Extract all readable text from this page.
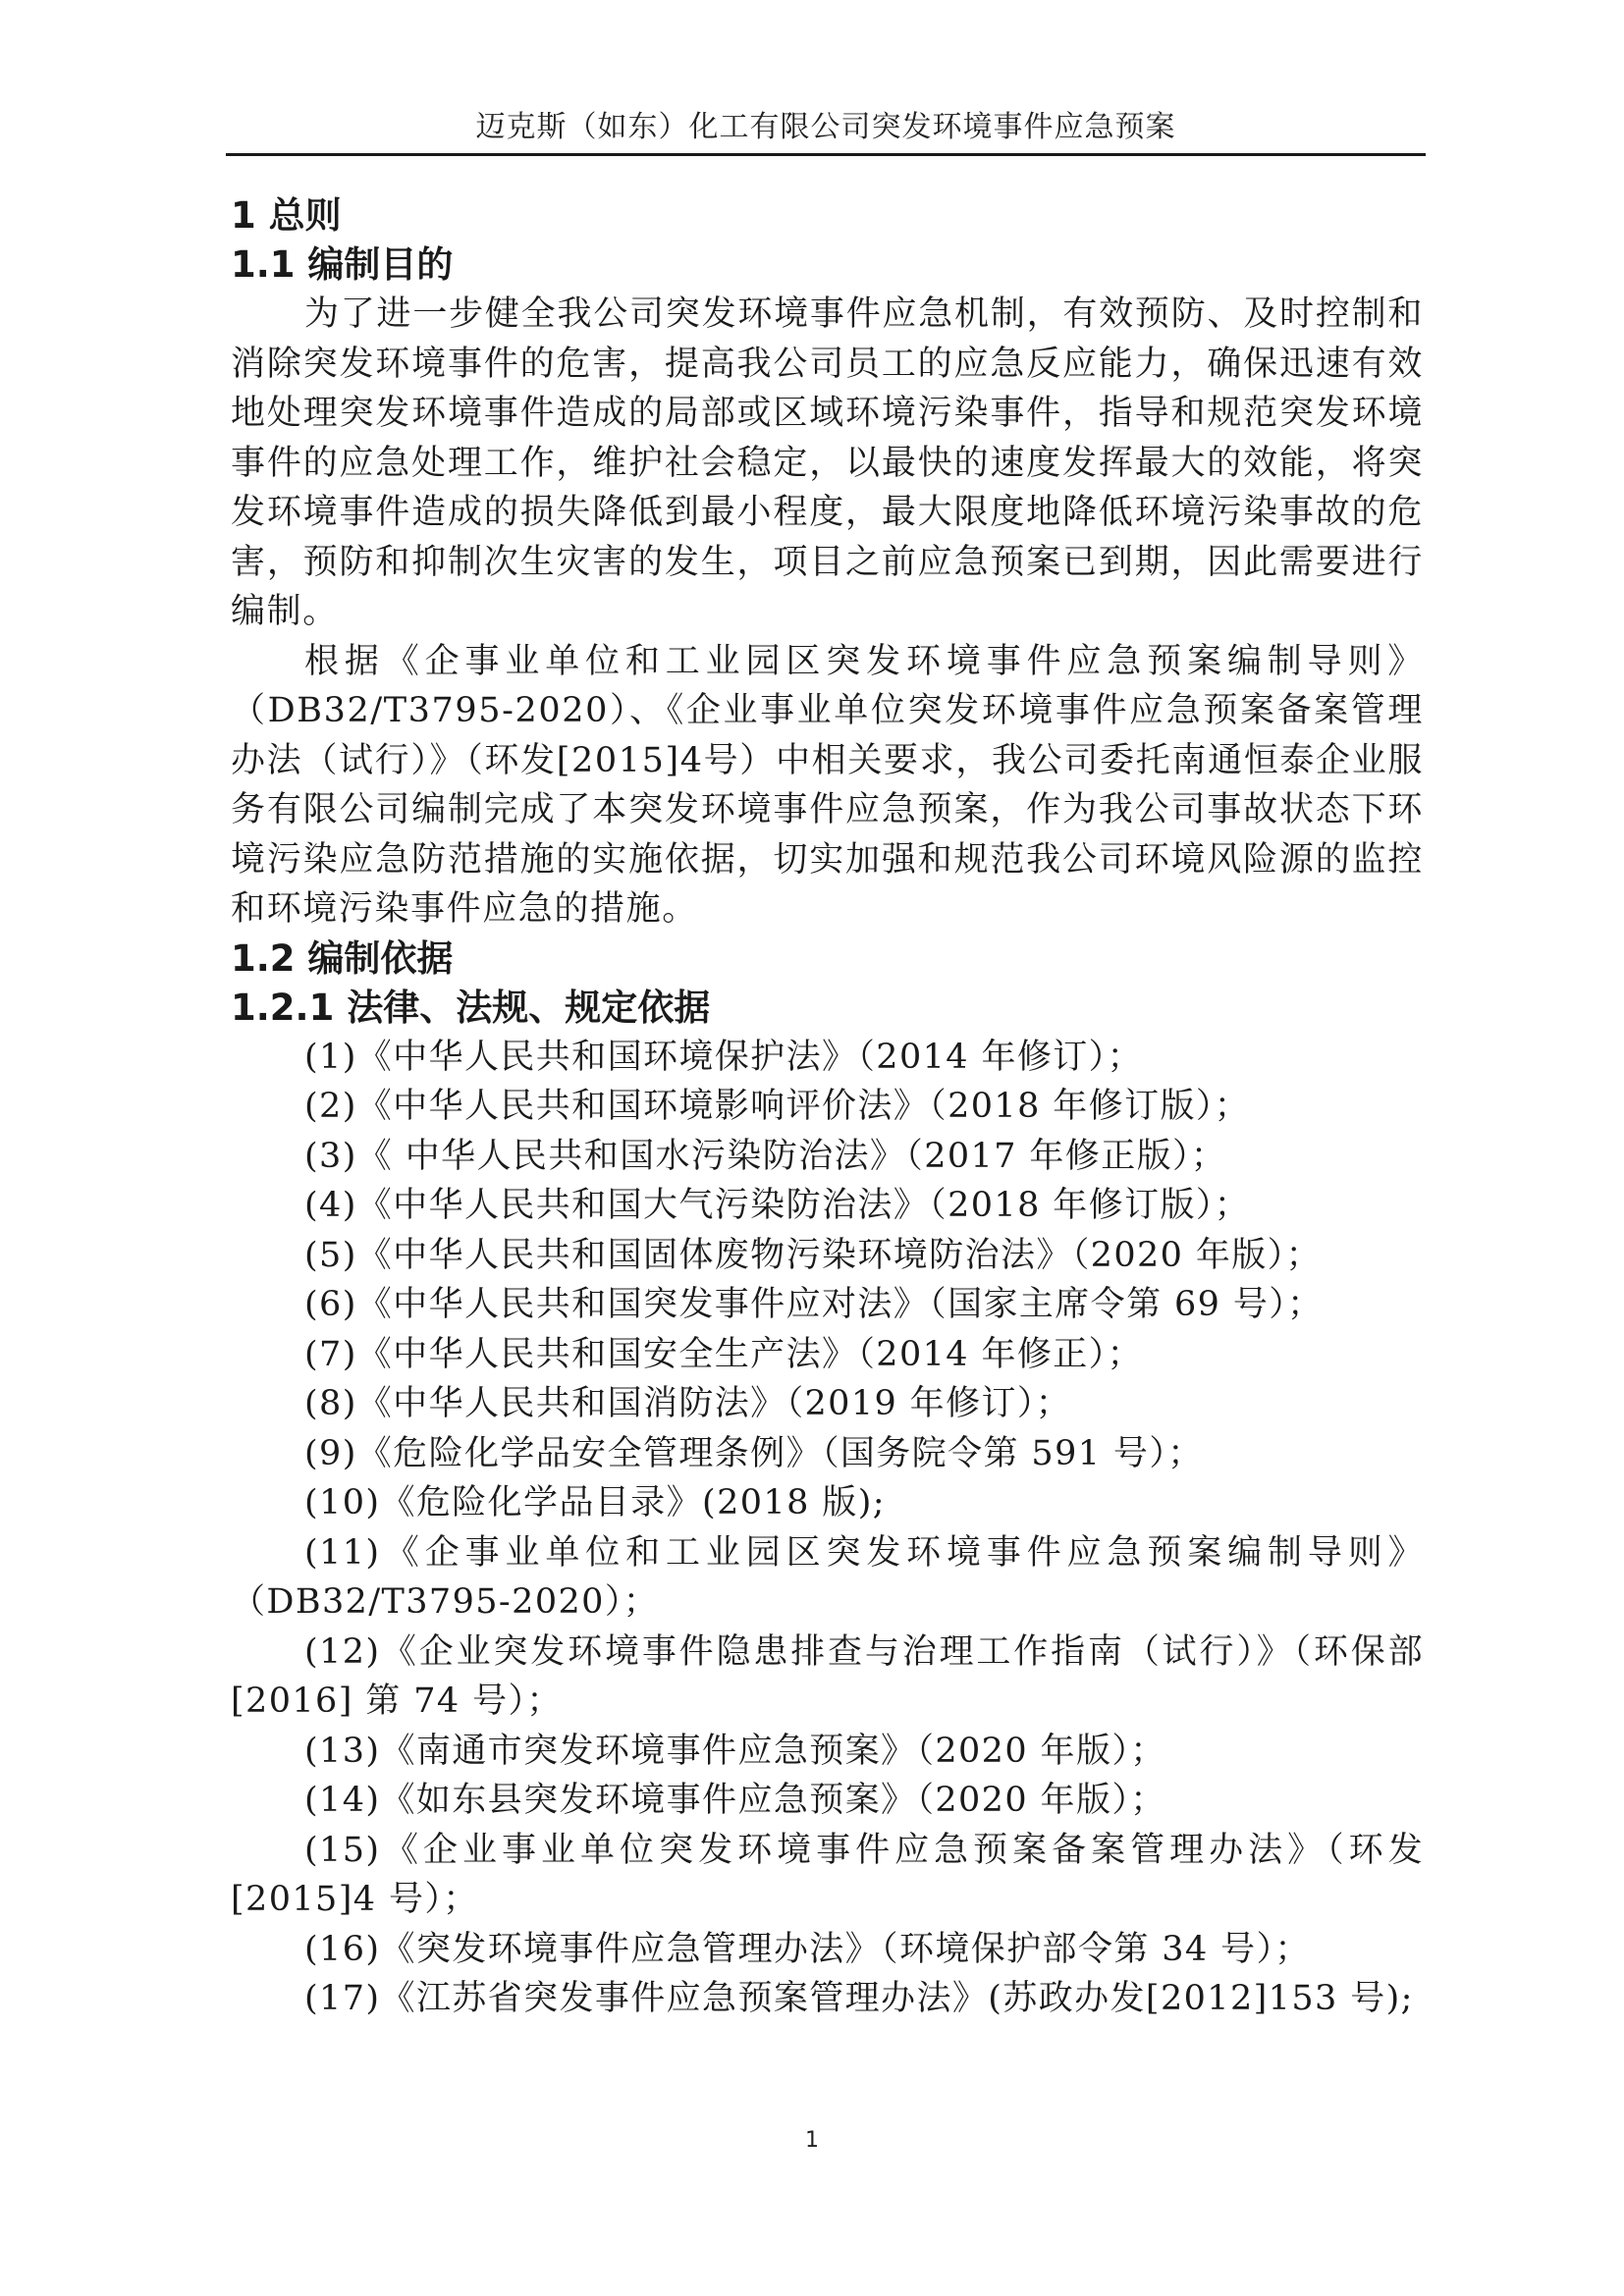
迈克斯（如东）化工有限公司突发环境事件应急预案
1 总则
1.1 编制目的

为了进一步健全我公司突发环境事件应急机制，有效预防、及时控制和消除突发环境事件的危害，提高我公司员工的应急反应能力，确保迅速有效地处理突发环境事件造成的局部或区域环境污染事件，指导和规范突发环境事件的应急处理工作，维护社会稳定，以最快的速度发挥最大的效能，将突发环境事件造成的损失降低到最小程度，最大限度地降低环境污染事故的危害，预防和抑制次生灾害的发生，项目之前应急预案已到期，因此需要进行编制。

根据《企事业单位和工业园区突发环境事件应急预案编制导则》（DB32/T3795-2020）、《企业事业单位突发环境事件应急预案备案管理办法（试行）》（环发[2015]4号）中相关要求，我公司委托南通恒泰企业服务有限公司编制完成了本突发环境事件应急预案，作为我公司事故状态下环境污染应急防范措施的实施依据，切实加强和规范我公司环境风险源的监控和环境污染事件应急的措施。

1.2 编制依据
1.2.1 法律、法规、规定依据
(1)《中华人民共和国环境保护法》（2014 年修订）；
(2)《中华人民共和国环境影响评价法》（2018 年修订版）；
(3)《 中华人民共和国水污染防治法》（2017 年修正版）；
(4)《中华人民共和国大气污染防治法》（2018 年修订版）；
(5)《中华人民共和国固体废物污染环境防治法》（2020 年版）；
(6)《中华人民共和国突发事件应对法》（国家主席令第 69 号）；
(7)《中华人民共和国安全生产法》（2014 年修正）；
(8)《中华人民共和国消防法》（2019 年修订）；
(9)《危险化学品安全管理条例》（国务院令第 591 号）；
(10)《危险化学品目录》(2018 版);
(11)《企事业单位和工业园区突发环境事件应急预案编制导则》（DB32/T3795-2020）；
(12)《企业突发环境事件隐患排查与治理工作指南（试行）》（环保部[2016] 第 74 号）；
(13)《南通市突发环境事件应急预案》（2020 年版）；
(14)《如东县突发环境事件应急预案》（2020 年版）；
(15)《企业事业单位突发环境事件应急预案备案管理办法》（环发[2015]4 号）；
(16)《突发环境事件应急管理办法》（环境保护部令第 34 号）；
(17)《江苏省突发事件应急预案管理办法》(苏政办发[2012]153 号);
1
